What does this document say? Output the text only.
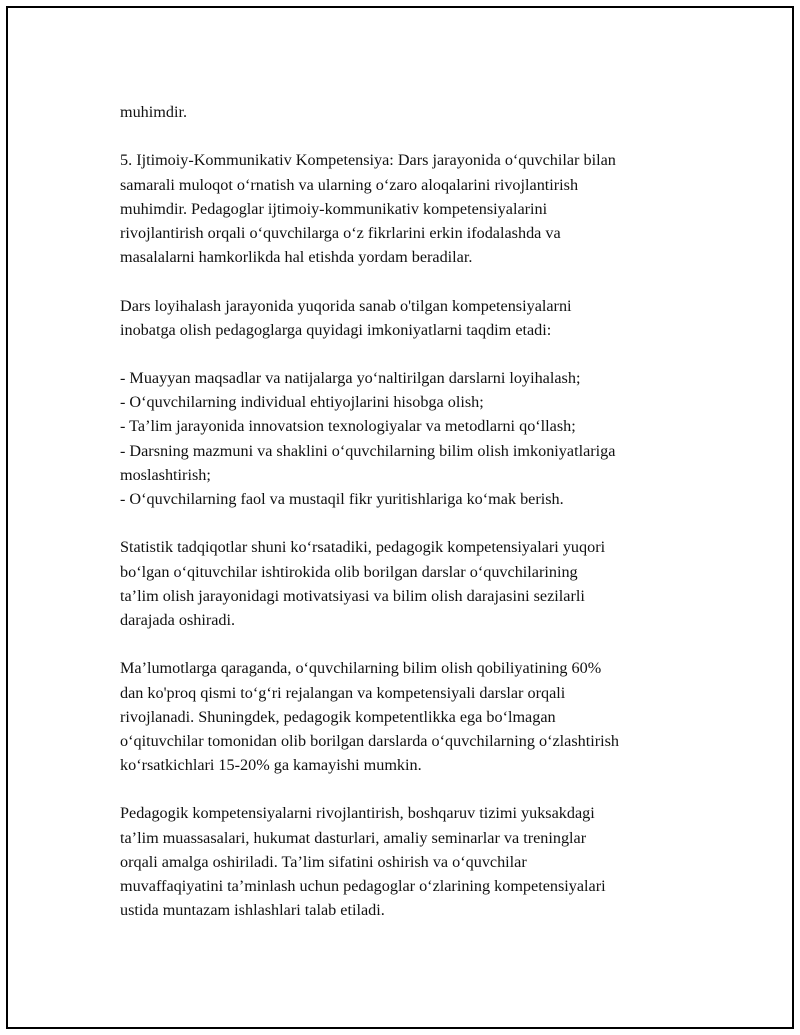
muhimdir.
5. Ijtimoiy-Kommunikativ Kompetensiya: Dars jarayonida o‘quvchilar bilan
samarali muloqot o‘rnatish va ularning o‘zaro aloqalarini rivojlantirish
muhimdir. Pedagoglar ijtimoiy-kommunikativ kompetensiyalarini
rivojlantirish orqali o‘quvchilarga o‘z fikrlarini erkin ifodalashda va
masalalarni hamkorlikda hal etishda yordam beradilar.
Dars loyihalash jarayonida yuqorida sanab o'tilgan kompetensiyalarni
inobatga olish pedagoglarga quyidagi imkoniyatlarni taqdim etadi:
- Muayyan maqsadlar va natijalarga yo‘naltirilgan darslarni loyihalash;
- O‘quvchilarning individual ehtiyojlarini hisobga olish;
- Ta’lim jarayonida innovatsion texnologiyalar va metodlarni qo‘llash;
- Darsning mazmuni va shaklini o‘quvchilarning bilim olish imkoniyatlariga
moslashtirish;
- O‘quvchilarning faol va mustaqil fikr yuritishlariga ko‘mak berish.
Statistik tadqiqotlar shuni ko‘rsatadiki, pedagogik kompetensiyalari yuqori
bo‘lgan o‘qituvchilar ishtirokida olib borilgan darslar o‘quvchilarining
ta’lim olish jarayonidagi motivatsiyasi va bilim olish darajasini sezilarli
darajada oshiradi.
Ma’lumotlarga qaraganda, o‘quvchilarning bilim olish qobiliyatining 60%
dan ko'proq qismi to‘g‘ri rejalangan va kompetensiyali darslar orqali
rivojlanadi. Shuningdek, pedagogik kompetentlikka ega bo‘lmagan
o‘qituvchilar tomonidan olib borilgan darslarda o‘quvchilarning o‘zlashtirish
ko‘rsatkichlari 15-20% ga kamayishi mumkin.
Pedagogik kompetensiyalarni rivojlantirish, boshqaruv tizimi yuksakdagi
ta’lim muassasalari, hukumat dasturlari, amaliy seminarlar va treninglar
orqali amalga oshiriladi. Ta’lim sifatini oshirish va o‘quvchilar
muvaffaqiyatini ta’minlash uchun pedagoglar o‘zlarining kompetensiyalari
ustida muntazam ishlashlari talab etiladi.
